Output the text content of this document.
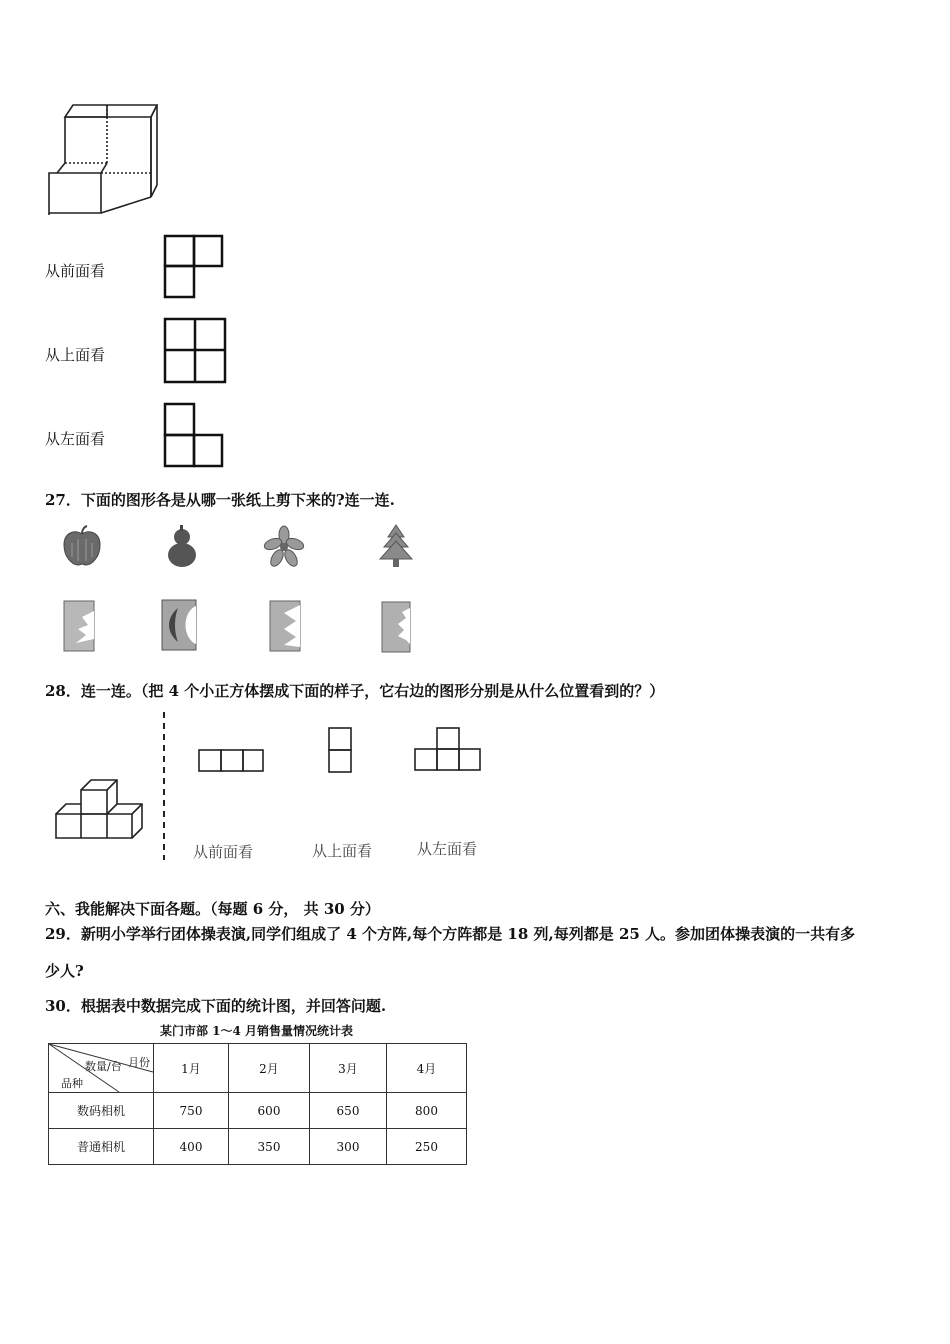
从前面看
从上面看
从左面看
27．下面的图形各是从哪一张纸上剪下来的?连一连.
28．连一连。（把 4 个小正方体摆成下面的样子，它右边的图形分别是从什么位置看到的？）
从前面看	从上面看	从左面看
六、我能解决下面各题。（每题 6 分， 共 30 分）
29．新明小学举行团体操表演,同学们组成了 4 个方阵,每个方阵都是 18 列,每列都是 25 人。参加团体操表演的一共有多
少人?
30．根据表中数据完成下面的统计图，并回答问题.
某门市部 1～4 月销售量情况统计表
月份
数量/台
品种	1月	2月	3月	4月
数码相机	750	600	650	800
普通相机	400	350	300	250
